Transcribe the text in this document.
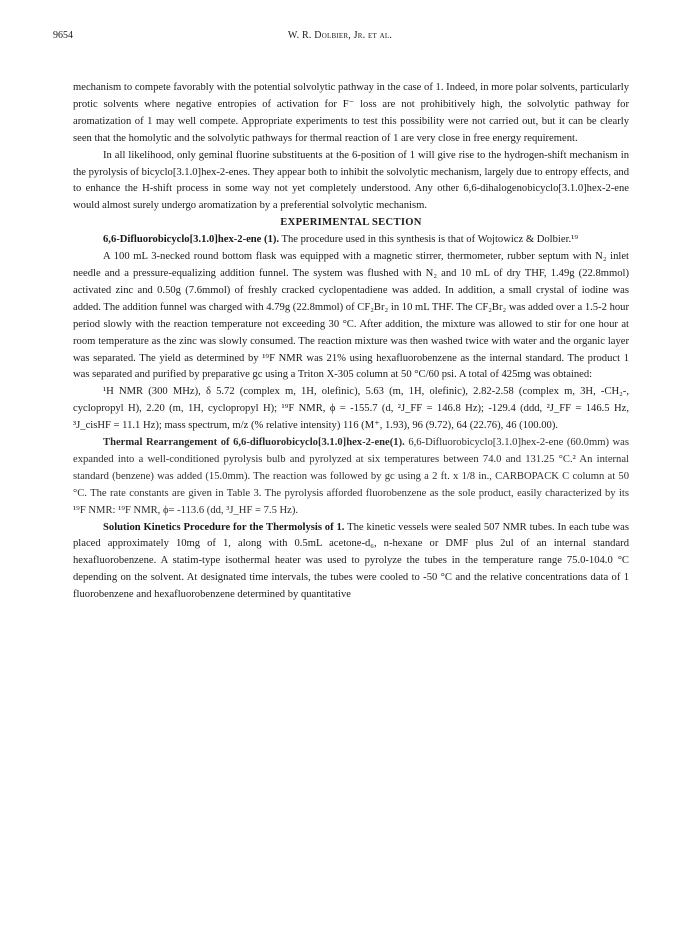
9654	W. R. Dolbier, Jr. et al.

mechanism to compete favorably with the potential solvolytic pathway in the case of 1. Indeed, in more polar solvents, particularly protic solvents where negative entropies of activation for F⁻ loss are not prohibitively high, the solvolytic pathway for aromatization of 1 may well compete. Appropriate experiments to test this possibility were not carried out, but it can be clearly seen that the homolytic and the solvolytic pathways for thermal reaction of 1 are very close in free energy requirement.

In all likelihood, only geminal fluorine substituents at the 6-position of 1 will give rise to the hydrogen-shift mechanism in the pyrolysis of bicyclo[3.1.0]hex-2-enes. They appear both to inhibit the solvolytic mechanism, largely due to entropy effects, and to enhance the H-shift process in some way not yet completely understood. Any other 6,6-dihalogenobicyclo[3.1.0]hex-2-ene would almost surely undergo aromatization by a preferential solvolytic mechanism.

EXPERIMENTAL SECTION

6,6-Difluorobicyclo[3.1.0]hex-2-ene (1). The procedure used in this synthesis is that of Wojtowicz & Dolbier.¹⁹

A 100 mL 3-necked round bottom flask was equipped with a magnetic stirrer, thermometer, rubber septum with N₂ inlet needle and a pressure-equalizing addition funnel. The system was flushed with N₂ and 10 mL of dry THF, 1.49g (22.8mmol) activated zinc and 0.50g (7.6mmol) of freshly cracked cyclopentadiene was added. In addition, a small crystal of iodine was added. The addition funnel was charged with 4.79g (22.8mmol) of CF₂Br₂ in 10 mL THF. The CF₂Br₂ was added over a 1.5-2 hour period slowly with the reaction temperature not exceeding 30 °C. After addition, the mixture was allowed to stir for one hour at room temperature as the zinc was slowly consumed. The reaction mixture was then washed twice with water and the organic layer was separated. The yield as determined by ¹⁹F NMR was 21% using hexafluorobenzene as the internal standard. The product 1 was separated and purified by preparative gc using a Triton X-305 column at 50 °C/60 psi. A total of 425mg was obtained:

¹H NMR (300 MHz), δ 5.72 (complex m, 1H, olefinic), 5.63 (m, 1H, olefinic), 2.82-2.58 (complex m, 3H, -CH₂-, cyclopropyl H), 2.20 (m, 1H, cyclopropyl H); ¹⁹F NMR, ϕ = -155.7 (d, ²J_FF = 146.8 Hz); -129.4 (ddd, ²J_FF = 146.5 Hz, ³J_cisHF = 11.1 Hz); mass spectrum, m/z (% relative intensity) 116 (M⁺, 1.93), 96 (9.72), 64 (22.76), 46 (100.00).

Thermal Rearrangement of 6,6-difluorobicyclo[3.1.0]hex-2-ene(1). 6,6-Difluorobicyclo[3.1.0]hex-2-ene (60.0mm) was expanded into a well-conditioned pyrolysis bulb and pyrolyzed at six temperatures between 74.0 and 131.25 °C.² An internal standard (benzene) was added (15.0mm). The reaction was followed by gc using a 2 ft. x 1/8 in., CARBOPACK C column at 50 °C. The rate constants are given in Table 3. The pyrolysis afforded fluorobenzene as the sole product, easily characterized by its ¹⁹F NMR: ¹⁹F NMR, ϕ= -113.6 (dd, ³J_HF = 7.5 Hz).

Solution Kinetics Procedure for the Thermolysis of 1. The kinetic vessels were sealed 507 NMR tubes. In each tube was placed approximately 10mg of 1, along with 0.5mL acetone-d₆, n-hexane or DMF plus 2ul of an internal standard hexafluorobenzene. A statim-type isothermal heater was used to pyrolyze the tubes in the temperature range 75.0-104.0 °C depending on the solvent. At designated time intervals, the tubes were cooled to -50 °C and the relative concentrations data of 1 fluorobenzene and hexafluorobenzene determined by quantitative
